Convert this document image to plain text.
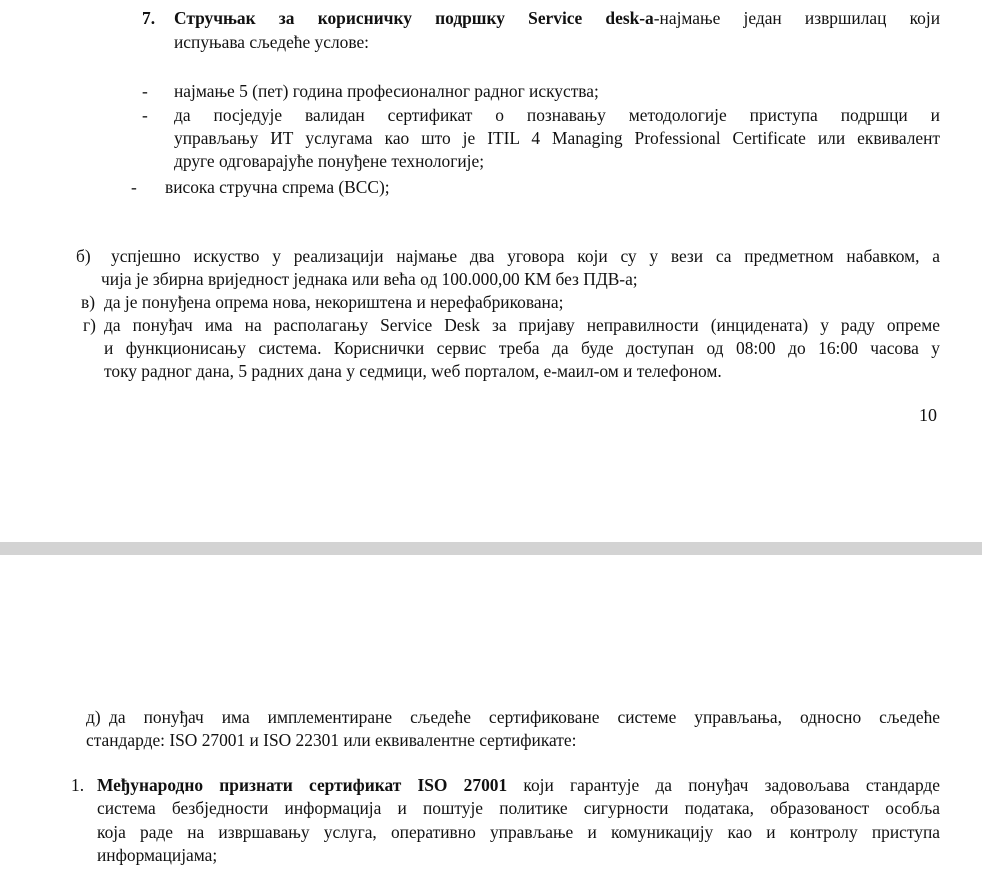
7. Стручњак за корисничку подршку Service desk-а-најмање један извршилац који
испуњава сљедеће услове:
- најмање 5 (пет) година професионалног радног искуства;
- да посједује валидан сертификат о познавању методологије приступа подршци и
управљању ИТ услугама као што је ITIL 4 Managing Professional Certificate или еквивалент
друге одговарајуће понуђене технологије;
- висока стручна спрема (ВСС);
б) успјешно искуство у реализацији најмање два уговора који су у вези са предметном набавком, а
чија је збирна вриједност једнака или већа од 100.000,00 КМ без ПДВ-а;
в) да је понуђена опрема нова, некориштена и нерефабрикована;
г) да понуђач има на располагању Service Desk за пријаву неправилности (инцидената) у раду опреме
и функционисању система. Кориснички сервис треба да буде доступан од 08:00 до 16:00 часова у
току радног дана, 5 радних дана у седмици, wеб порталом, е-маил-ом и телефоном.
10
д) да понуђач има имплементиране сљедеће сертификоване системе управљања, односно сљедеће
стандарде: ISO 27001 и ISO 22301 или еквивалентне сертификате:
1. Међународно признати сертификат ISO 27001 који гарантује да понуђач задовољава стандарде
система безбједности информација и поштује политике сигурности података, образованост особља
која раде на извршавању услуга, оперативно управљање и комуникацију као и контролу приступа
информацијама;
